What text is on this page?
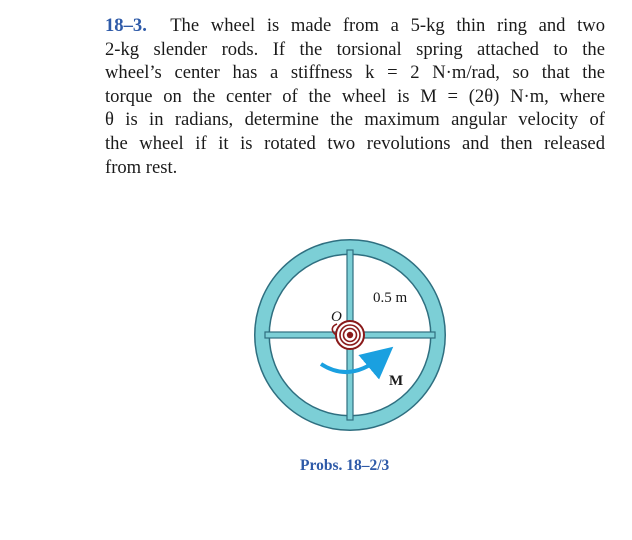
18–3. The wheel is made from a 5-kg thin ring and two
2-kg slender rods. If the torsional spring attached to the
wheel’s center has a stiffness k = 2 N·m/rad, so that the
torque on the center of the wheel is M = (2θ) N·m, where
θ is in radians, determine the maximum angular velocity of
the wheel if it is rotated two revolutions and then released
from rest.
0.5 m
O
M
Probs. 18–2/3
